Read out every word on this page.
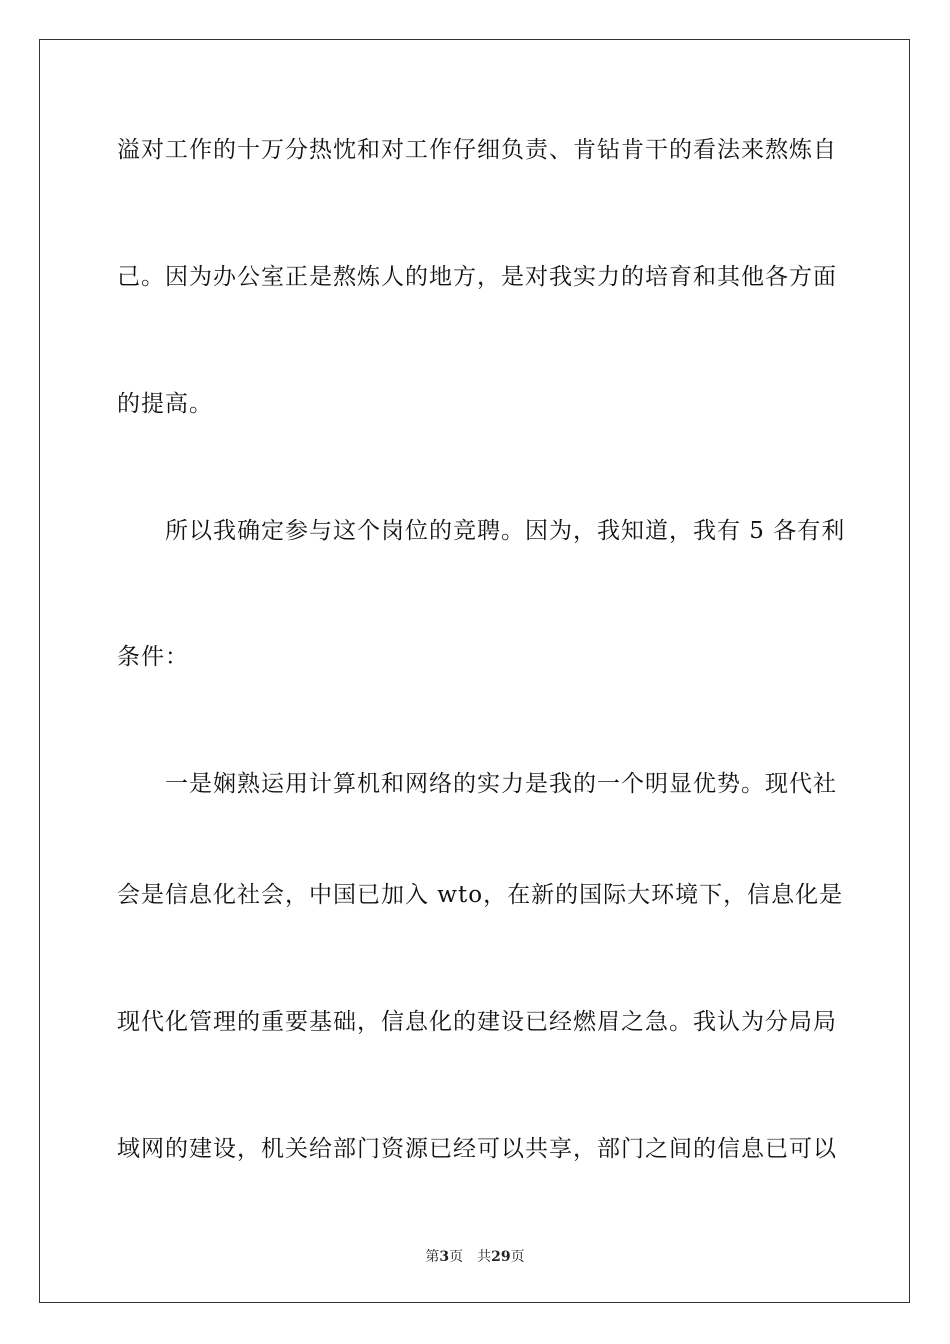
溢对工作的十万分热忱和对工作仔细负责、肯钻肯干的看法来熬炼自
己。因为办公室正是熬炼人的地方，是对我实力的培育和其他各方面
的提高。
所以我确定参与这个岗位的竞聘。因为，我知道，我有 5 各有利
条件：
一是娴熟运用计算机和网络的实力是我的一个明显优势。现代社
会是信息化社会，中国已加入 wto，在新的国际大环境下，信息化是
现代化管理的重要基础，信息化的建设已经燃眉之急。我认为分局局
域网的建设，机关给部门资源已经可以共享，部门之间的信息已可以
第3页 共29页
